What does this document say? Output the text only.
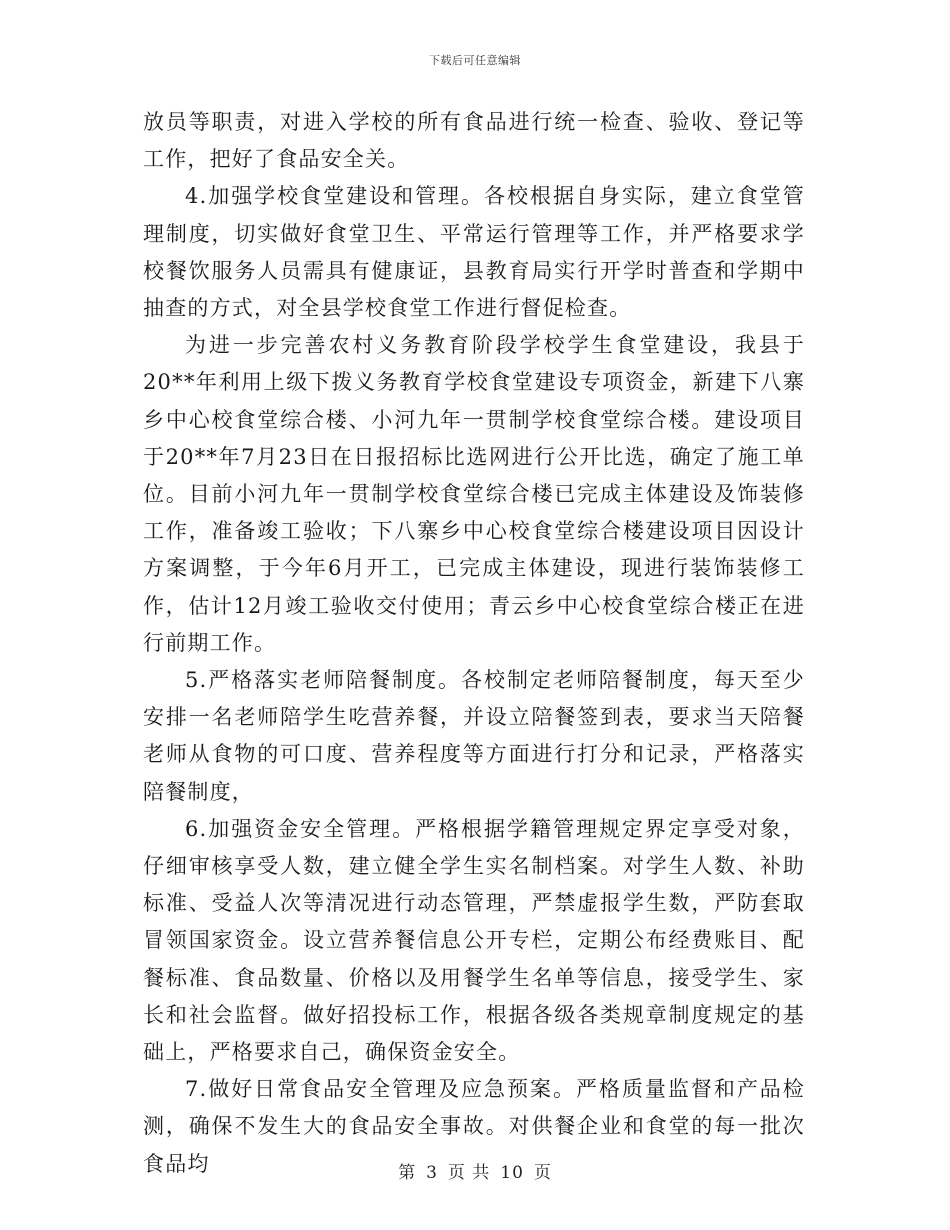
下载后可任意编辑

放员等职责，对进入学校的所有食品进行统一检查、验收、登记等工作，把好了食品安全关。

4.加强学校食堂建设和管理。各校根据自身实际，建立食堂管理制度，切实做好食堂卫生、平常运行管理等工作，并严格要求学校餐饮服务人员需具有健康证，县教育局实行开学时普查和学期中抽查的方式，对全县学校食堂工作进行督促检查。

为进一步完善农村义务教育阶段学校学生食堂建设，我县于20**年利用上级下拨义务教育学校食堂建设专项资金，新建下八寨乡中心校食堂综合楼、小河九年一贯制学校食堂综合楼。建设项目于20**年7月23日在日报招标比选网进行公开比选，确定了施工单位。目前小河九年一贯制学校食堂综合楼已完成主体建设及饰装修工作，准备竣工验收；下八寨乡中心校食堂综合楼建设项目因设计方案调整，于今年6月开工，已完成主体建设，现进行装饰装修工作，估计12月竣工验收交付使用；青云乡中心校食堂综合楼正在进行前期工作。

5.严格落实老师陪餐制度。各校制定老师陪餐制度，每天至少安排一名老师陪学生吃营养餐，并设立陪餐签到表，要求当天陪餐老师从食物的可口度、营养程度等方面进行打分和记录，严格落实陪餐制度，

6.加强资金安全管理。严格根据学籍管理规定界定享受对象，仔细审核享受人数，建立健全学生实名制档案。对学生人数、补助标准、受益人次等清况进行动态管理，严禁虚报学生数，严防套取冒领国家资金。设立营养餐信息公开专栏，定期公布经费账目、配餐标准、食品数量、价格以及用餐学生名单等信息，接受学生、家长和社会监督。做好招投标工作，根据各级各类规章制度规定的基础上，严格要求自己，确保资金安全。

7.做好日常食品安全管理及应急预案。严格质量监督和产品检测，确保不发生大的食品安全事故。对供餐企业和食堂的每一批次食品均	第 3 页 共 10 页
